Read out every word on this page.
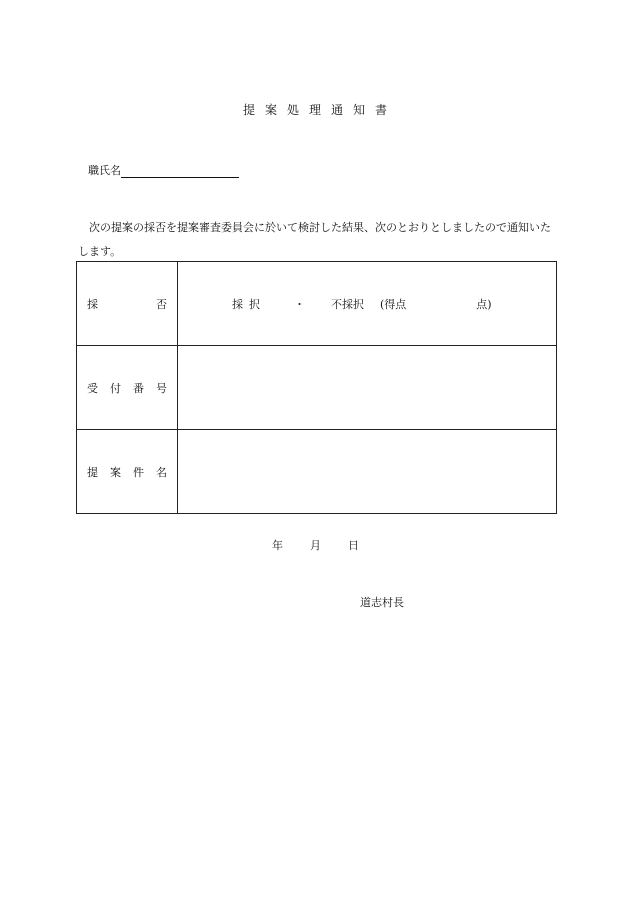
提案処理通知書
職氏名
次の提案の採否を提案審査委員会に於いて検討した結果、次のとおりとしましたので通知いたします。
採 否	採択 ・ 不採択 (得点 点)

受 付 番 号	

提 案 件 名	

年 月 日
道志村長
